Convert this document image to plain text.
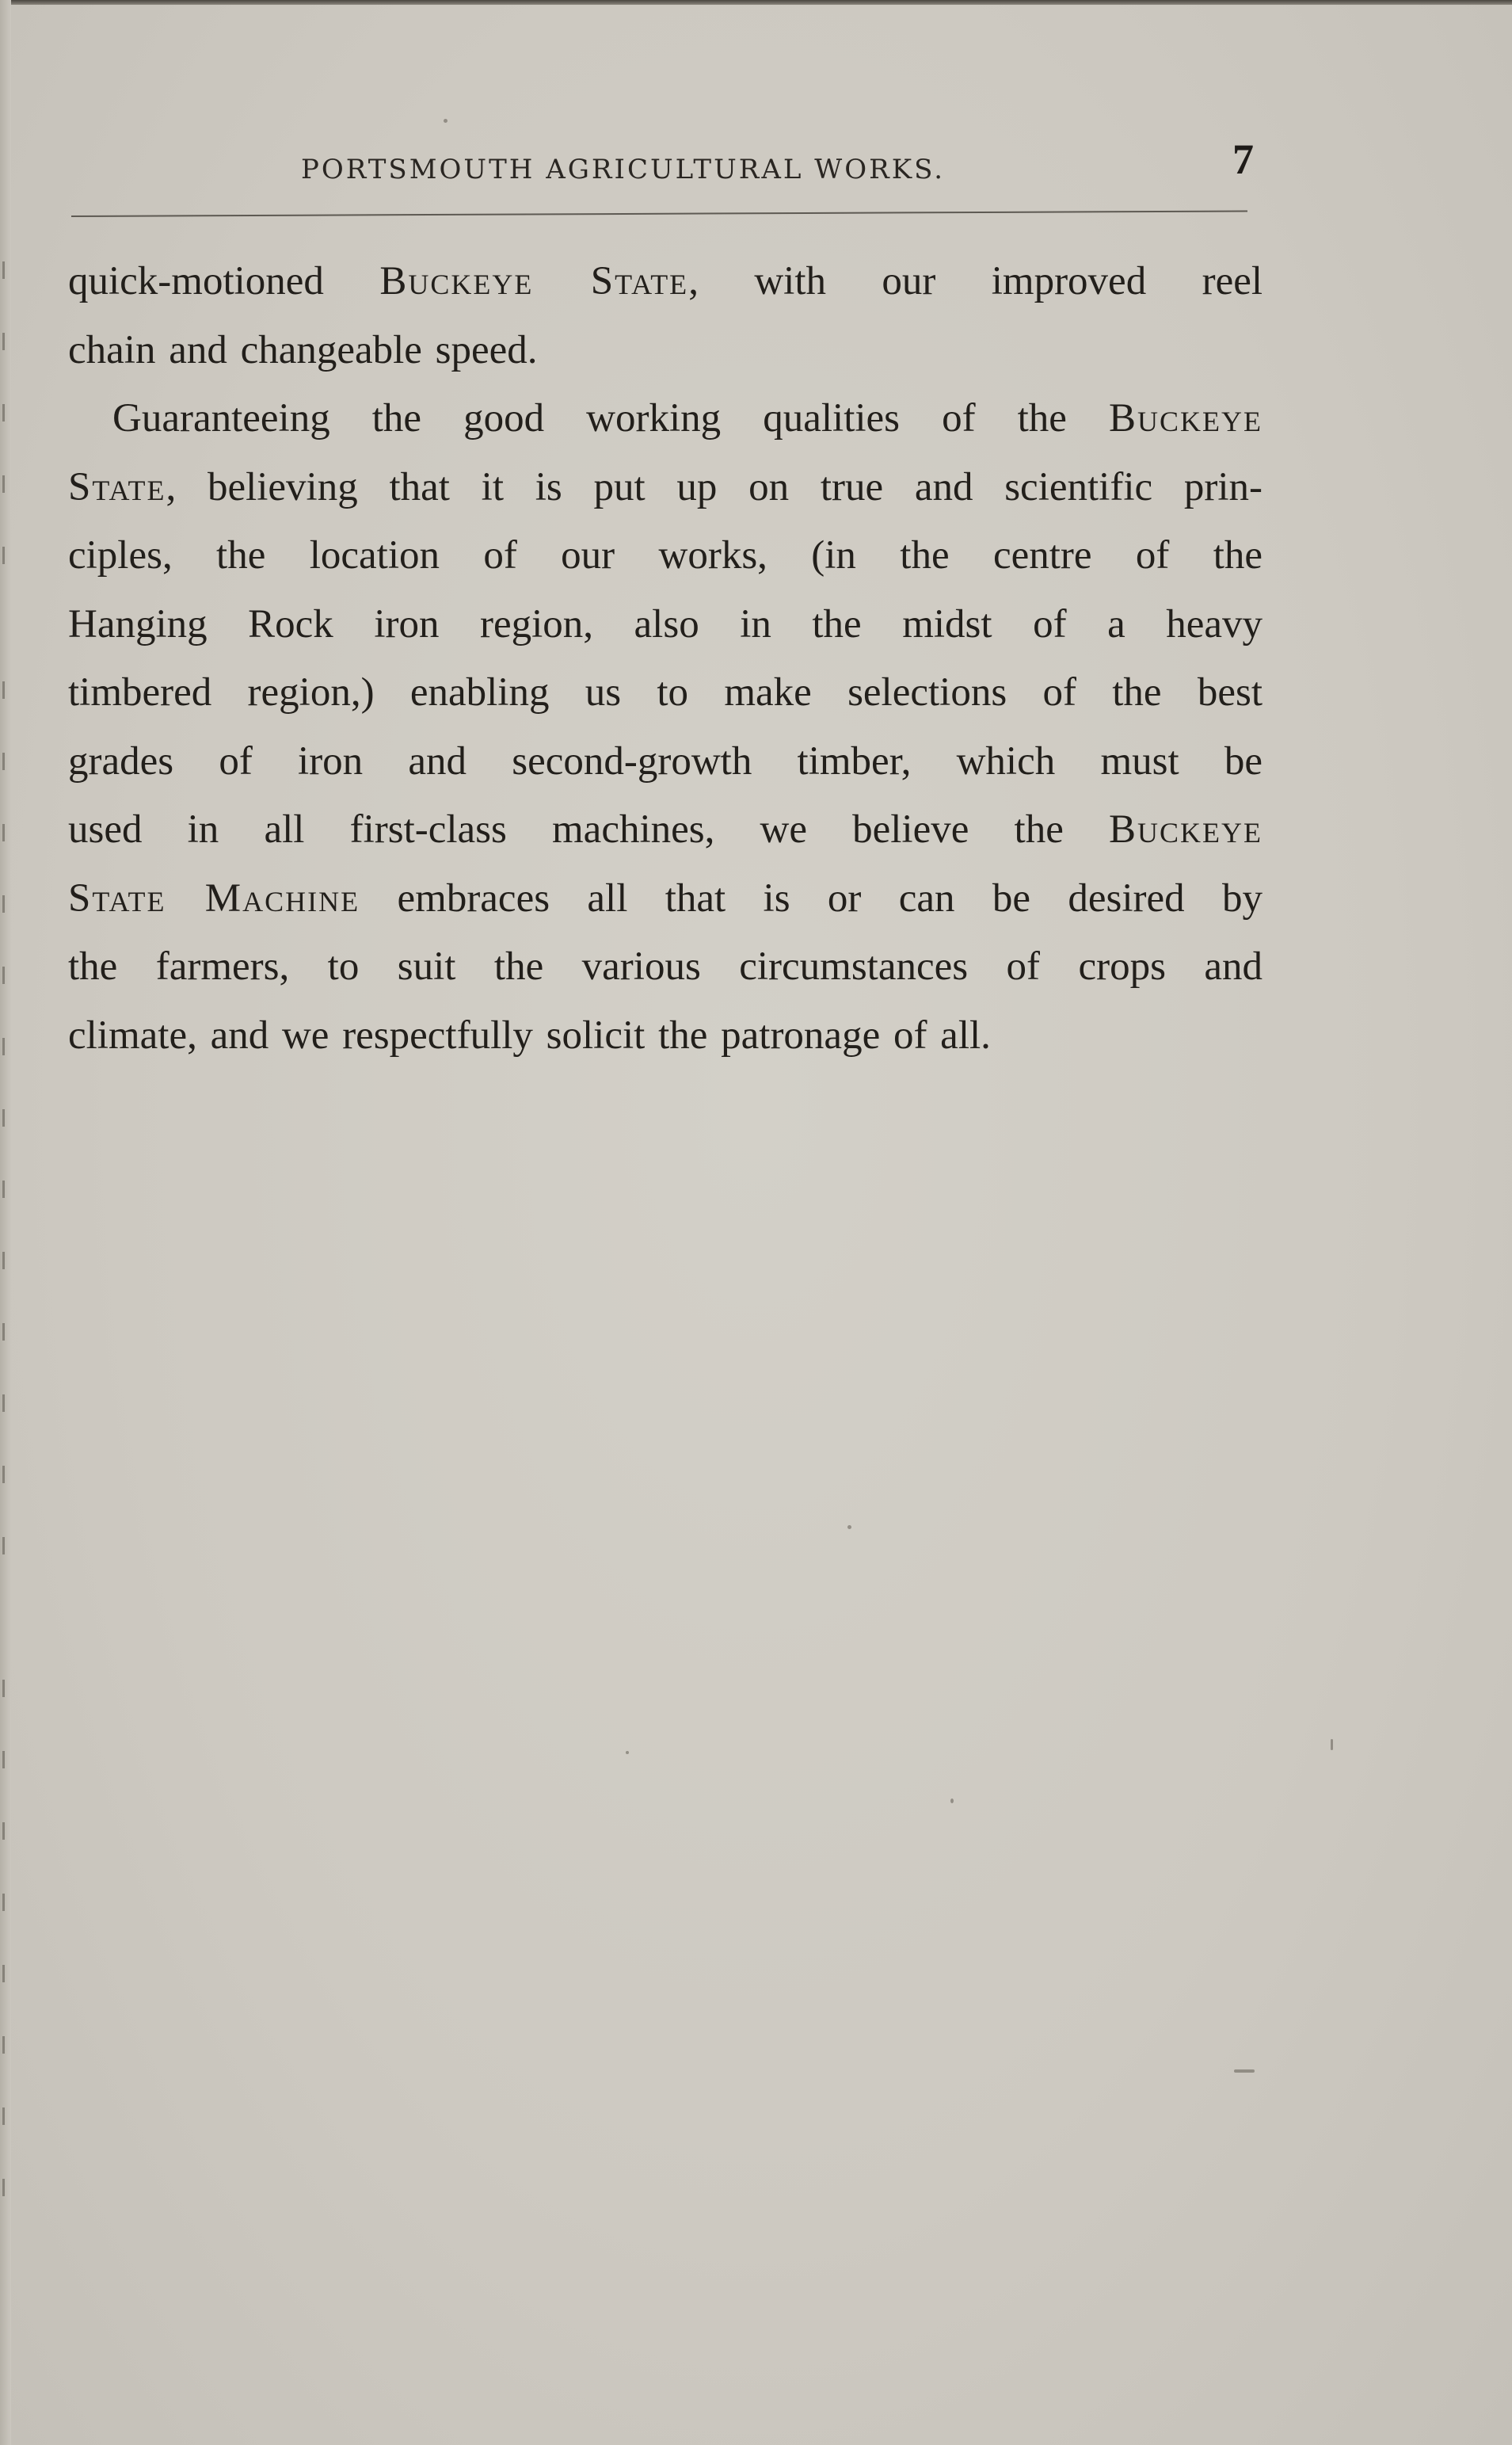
PORTSMOUTH AGRICULTURAL WORKS.	7
quick-motioned Buckeye State, with our improved reel
chain and changeable speed.
Guaranteeing the good working qualities of the Buckeye
State, believing that it is put up on true and scientific prin-
ciples, the location of our works, (in the centre of the
Hanging Rock iron region, also in the midst of a heavy
timbered region,) enabling us to make selections of the best
grades of iron and second-growth timber, which must be
used in all first-class machines, we believe the Buckeye
State Machine embraces all that is or can be desired by
the farmers, to suit the various circumstances of crops and
climate, and we respectfully solicit the patronage of all.
